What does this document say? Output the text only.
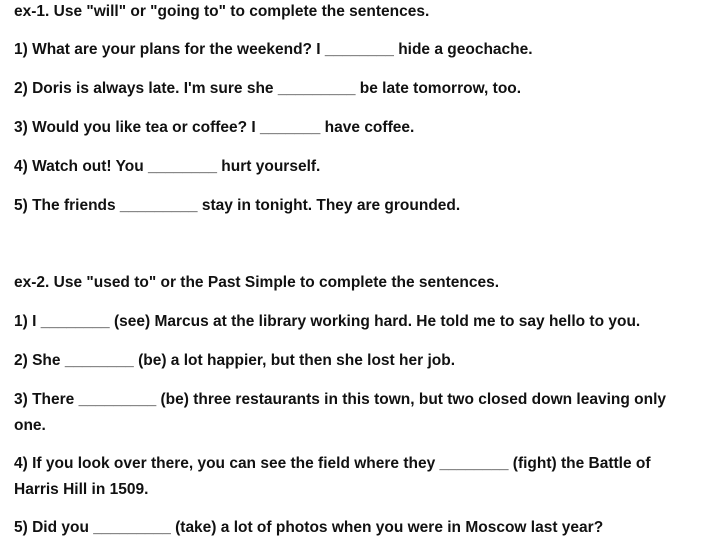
ex-1. Use "will" or "going to" to complete the sentences.

1) What are your plans for the weekend? I ________ hide a geochache.

2) Doris is always late. I'm sure she _________ be late tomorrow, too.

3) Would you like tea or coffee? I _______ have coffee.

4) Watch out! You ________ hurt yourself.

5) The friends _________ stay in tonight. They are grounded.

ex-2. Use "used to" or the Past Simple to complete the sentences.

1) I ________ (see) Marcus at the library working hard. He told me to say hello to you.

2) She ________ (be) a lot happier, but then she lost her job.

3) There _________ (be) three restaurants in this town, but two closed down leaving only one.

4) If you look over there, you can see the field where they ________ (fight) the Battle of Harris Hill in 1509.

5) Did you _________ (take) a lot of photos when you were in Moscow last year?
